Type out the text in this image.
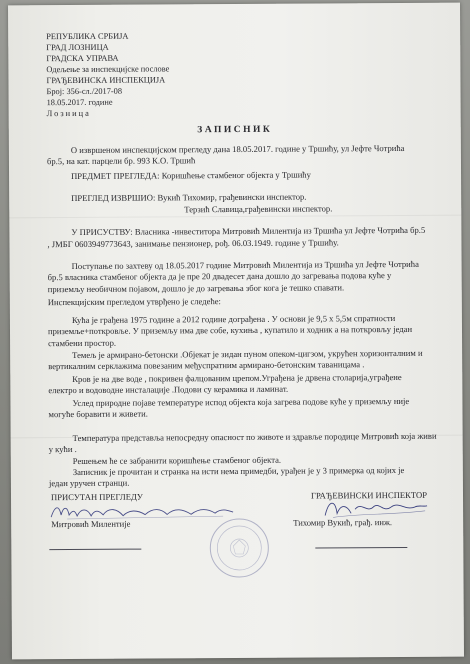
РЕПУБЛИКА СРБИЈА
ГРАД ЛОЗНИЦА
ГРАДСКА УПРАВА
Одељење за инспекцијске послове
ГРАЂЕВИНСКА ИНСПЕКЦИЈА
Број: 356-сл./2017-08
18.05.2017. године
Лозница
ЗАПИСНИК
О извршеном инспекцијском прегледу дана 18.05.2017. године у Тршићу, ул Јефте Чотрића
бр.5, на кат. парцели бр. 993 К.О. Тршић
ПРЕДМЕТ ПРЕГЛЕДА: Коришћење стамбеног објекта у Тршићу
ПРЕГЛЕД ИЗВРШИО: Вукић Тихомир, грађевински инспектор.
Терзић Славица,грађевински инспектор.
У ПРИСУСТВУ: Власника -инвеститора Митровић Милентија из Тршића ул Јефте Чотрића бр.5
, ЈМБГ 0603949773643, занимање пензионер, рођ. 06.03.1949. године у Тршићу.
Поступање по захтеву од 18.05.2017 године Митровић Милентија из Тршића ул Јефте Чотрића
бр.5 власника стамбеног објекта да је пре 20 двадесет дана дошло до загревања подова куће у
приземљу необичном појавом, дошло је до загревања због кога је тешко спавати.
Инспекцијским прегледом утврђено је следеће:
Кућа је грађена 1975 године а 2012 године дограђена . У основи је 9,5 х 5,5м спратности
приземље+поткровље. У приземљу има две собе, кухиња , купатило и ходник а на поткровљу један
стамбени простор.
Темељ је армирано-бетонски .Објекат је зидан пуном опеком-цигзом, укрућен хоризонталним и
вертикалним серклажима повезаним међуспратним армирано-бетонским таваницама .
Кров је на две воде , покривен фалцованим црепом.Уграђена је дрвена столарија,уграђене
електро и водоводне инсталације .Подови су керамика и ламинат.
Услед природне појаве температуре испод објекта која загрева подове куће у приземљу није
могуће боравити и живети.
Температура представља непосредну опасност по животе и здравље породице Митровић која живи
у кући .
Решењем ће се забранити коришћење стамбеног објекта.
Записник је прочитан и странка на исти нема примедби, урађен је у 3 примерка од којих је
један уручен странци.
ПРИСУТАН ПРЕГЛЕДУ	ГРАЂЕВИНСКИ ИНСПЕКТОР
Митровић Милентије	Тихомир Вукић, грађ. инж.
